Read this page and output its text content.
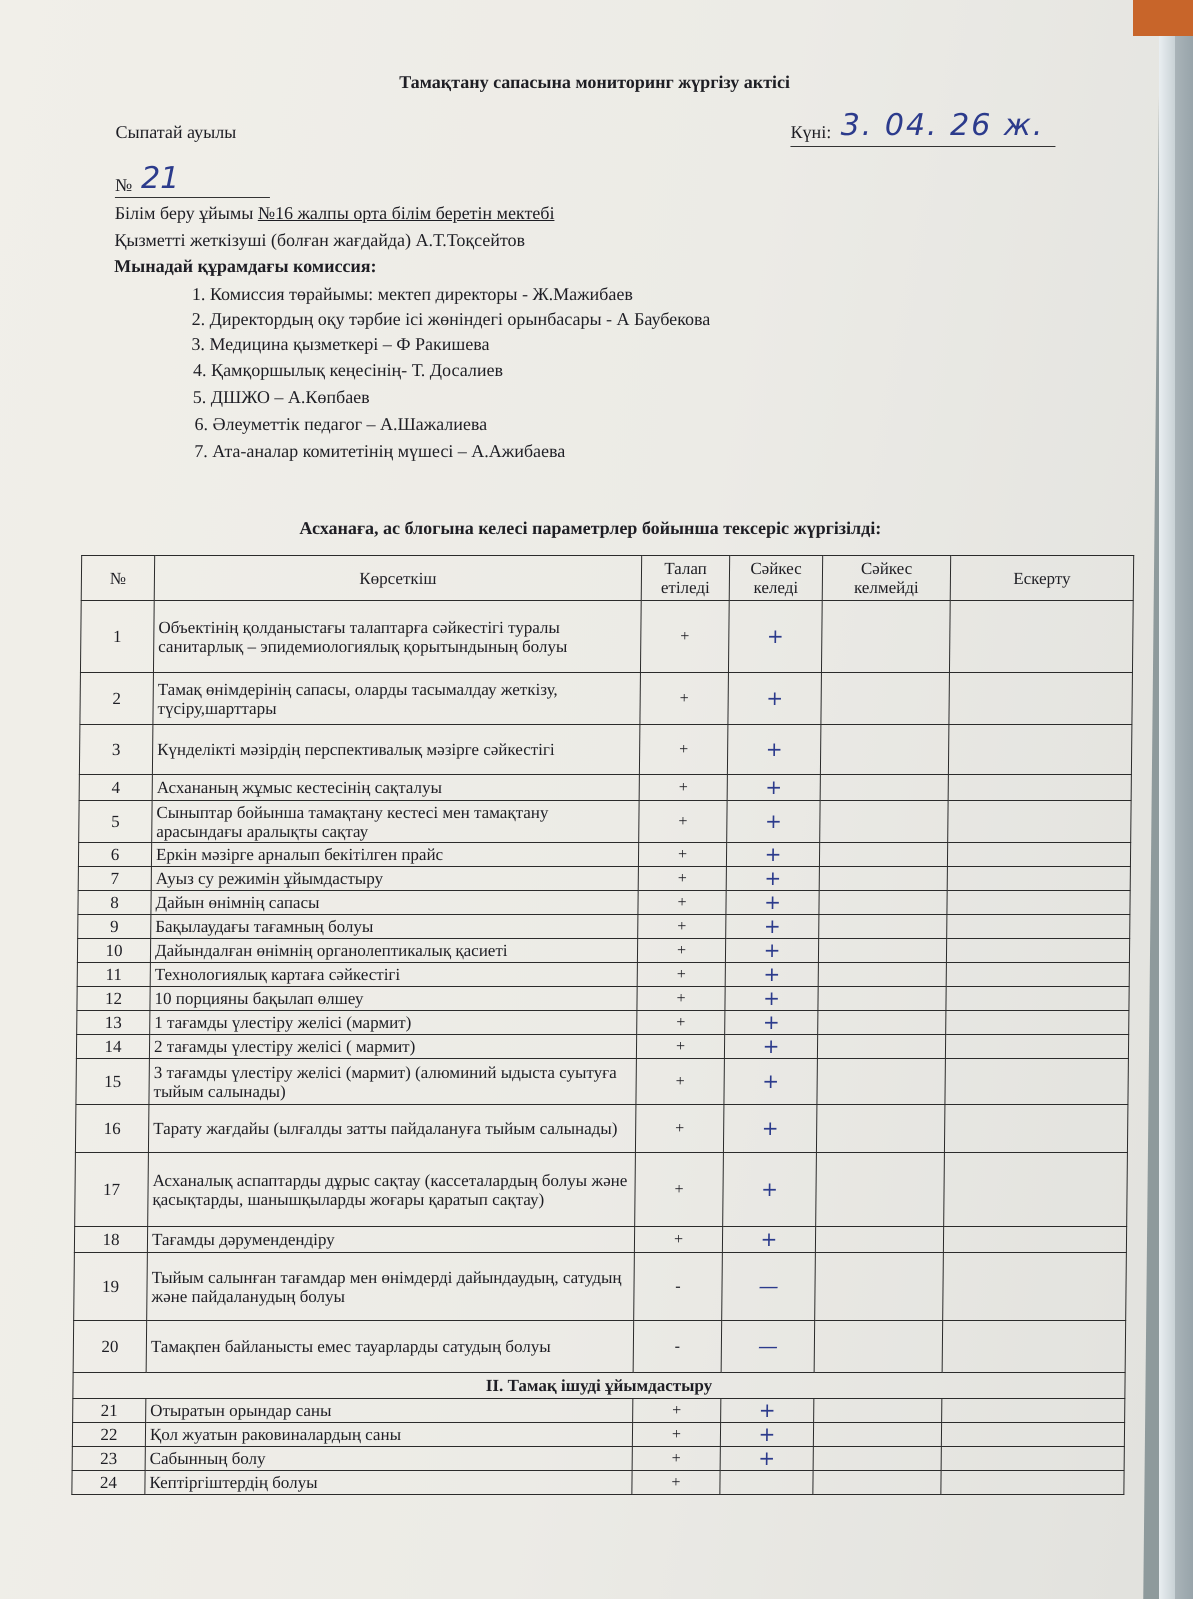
Тамақтану сапасына мониторинг жүргізу актісі
Сыпатай ауылы	Күні: 3. 04. 26 ж.
№ 21
Білім беру ұйымы №16 жалпы орта білім беретін мектебі
Қызметті жеткізуші (болған жағдайда) А.Т.Тоқсейтов
Мынадай құрамдағы комиссия:
1. Комиссия төрайымы: мектеп директоры - Ж.Мажибаев
2. Директордың оқу тәрбие ісі жөніндегі орынбасары - А Баубекова
3. Медицина қызметкері – Ф Ракишева
4. Қамқоршылық кеңесінің- Т. Досалиев
5. ДШЖО – А.Көпбаев
6. Әлеуметтік педагог – А.Шажалиева
7. Ата-аналар комитетінің мүшесі – А.Ажибаева
Асханаға, ас блогына келесі параметрлер бойынша тексеріс жүргізілді:
№	Көрсеткіш	Талап етіледі	Сәйкес келеді	Сәйкес келмейді	Ескерту
1	Объектінің қолданыстағы талаптарға сәйкестігі туралы санитарлық – эпидемиологиялық қорытындының болуы	+	+		
2	Тамақ өнімдерінің сапасы, оларды тасымалдау жеткізу, түсіру,шарттары	+	+		
3	Күнделікті мәзірдің перспективалық мәзірге сәйкестігі	+	+		
4	Асхананың жұмыс кестесінің сақталуы	+	+		
5	Сыныптар бойынша тамақтану кестесі мен тамақтану арасындағы аралықты сақтау	+	+		
6	Еркін мәзірге арналып бекітілген прайс	+	+		
7	Ауыз су режимін ұйымдастыру	+	+		
8	Дайын өнімнің сапасы	+	+		
9	Бақылаудағы тағамның болуы	+	+		
10	Дайындалған өнімнің органолептикалық қасиеті	+	+		
11	Технологиялық картаға сәйкестігі	+	+		
12	10 порцияны бақылап өлшеу	+	+		
13	1 тағамды үлестіру желісі (мармит)	+	+		
14	2 тағамды үлестіру желісі ( мармит)	+	+		
15	3 тағамды үлестіру желісі (мармит) (алюминий ыдыста суытуға тыйым салынады)	+	+		
16	Тарату жағдайы (ылғалды затты пайдалануға тыйым салынады)	+	+		
17	Асханалық аспаптарды дұрыс сақтау (кассеталардың болуы және қасықтарды, шанышқыларды жоғары қаратып сақтау)	+	+		
18	Тағамды дәрумендендіру	+	+		
19	Тыйым салынған тағамдар мен өнімдерді дайындаудың, сатудың және пайдаланудың болуы	-	—		
20	Тамақпен байланысты емес тауарларды сатудың болуы	-	—		
II. Тамақ ішуді ұйымдастыру					
21	Отыратын орындар саны	+	+		
22	Қол жуатын раковиналардың саны	+	+		
23	Сабынның болу	+	+		
24	Кептіргіштердің болуы	+			
